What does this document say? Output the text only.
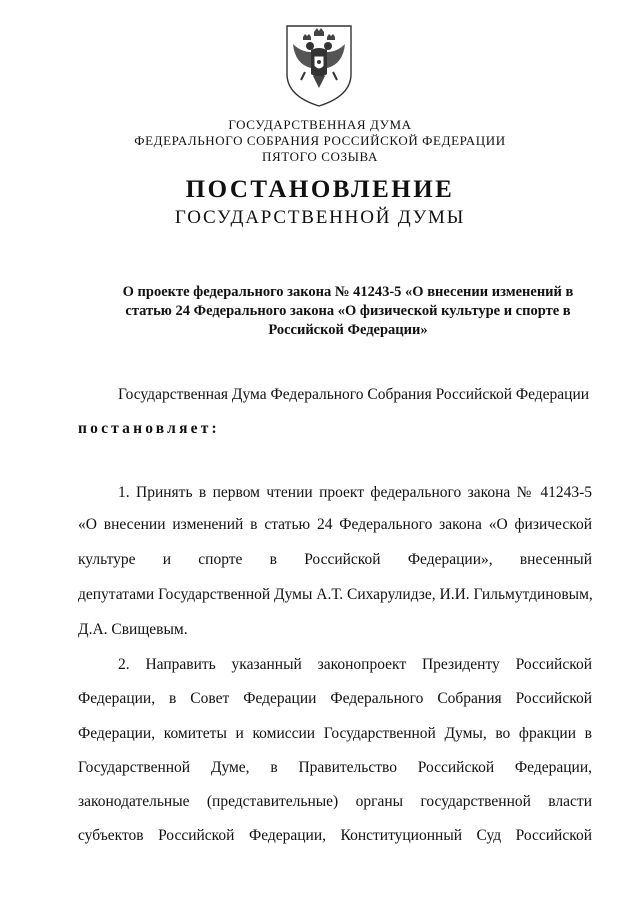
ГОСУДАРСТВЕННАЯ ДУМА
ФЕДЕРАЛЬНОГО СОБРАНИЯ РОССИЙСКОЙ ФЕДЕРАЦИИ
ПЯТОГО СОЗЫВА
ПОСТАНОВЛЕНИЕ
ГОСУДАРСТВЕННОЙ ДУМЫ
О проекте федерального закона № 41243-5 «О внесении изменений в
статью 24 Федерального закона «О физической культуре и спорте в
Российской Федерации»
Государственная Дума Федерального Собрания Российской Федерации
постановляет:
1. Принять в первом чтении проект федерального закона № 41243-5
«О внесении изменений в статью 24 Федерального закона «О физической
культуре и спорте в Российской Федерации», внесенный
депутатами Государственной Думы А.Т. Сихарулидзе, И.И. Гильмутдиновым,
Д.А. Свищевым.
2. Направить указанный законопроект Президенту Российской
Федерации, в Совет Федерации Федерального Собрания Российской
Федерации, комитеты и комиссии Государственной Думы, во фракции в
Государственной Думе, в Правительство Российской Федерации,
законодательные (представительные) органы государственной власти
субъектов Российской Федерации, Конституционный Суд Российской
